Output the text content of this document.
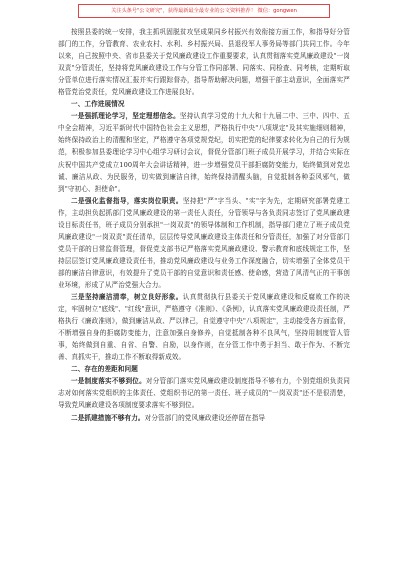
关注头条号"公文研究"，获得最新最全最专业的公文资料推荐！ 微信：gongwen

按照县委的统一安排，我主抓巩固脱贫攻坚成果同乡村振兴有效衔接方面工作，和指导好分管部门的工作，分管教育、农业农村、水利、乡村振兴局、县退役军人事务局等部门共同工作。今年以来，自己按照中央、省市县委关于党风廉政建设工作重要要求，认真贯彻落实党风廉政建设"一岗双责"分管责任，坚持将党风廉政建设工作与分管工作同部署、同落实、同检查、同考核，定期听取分管单位进行落实情况汇报并实行跟踪督办，指导帮助解决问题，增强干部主动意识，全面落实严格管党治党责任，党风廉政建设工作进展良好。

一、工作进展情况

一是强抓理论学习，坚定理想信念。坚持认真学习党的十九大和十九届二中、三中、四中、五中全会精神，习近平新时代中国特色社会主义思想，严格执行中央"八项规定"及其实施细则精神，始终保持政治上的清醒和坚定，严格遵守各项党规党纪，切实把党的纪律要求转化为自己的行为规范，积极参加县委理论学习中心组学习研讨会议，督促分管部门班子成员开展学习，并结合实际在庆祝中国共产党成立100周年大会讲话精神，进一步增强党员干部拒腐防变能力，始终做到对党忠诚、廉洁从政、为民服务，切实做到廉洁自律，始终保持清醒头脑，自觉抵制各种歪风邪气，做到"守初心、担使命"。

二是强化监督指导，落实岗位职责。坚持把"严"字当头、"实"字为先，定期研究部署党建工作，主动担负起抓部门党风廉政建设的第一责任人责任，分管领导与各负责同志签订了党风廉政建设目标责任书，班子成员分别承担"一岗双责"的领导体制和工作机制，指导部门建立了班子成员党风廉政建设"一岗双责"责任清单，层层传导党风廉政建设主体责任和分管责任，加强了对分管部门党员干部的日常监督管理，督促党支部书记严格落实党风廉政建设、警示教育和底线规定工作，坚持层层签订党风廉政建设责任书，推动党风廉政建设与业务工作深度融合，切实增强了全体党员干部的廉洁自律意识，有效提升了党员干部的自觉意识和责任感、使命感，营造了风清气正的干事创业环境，形成了从严治党强大合力。

三是坚持廉洁清奉，树立良好形象。认真贯彻执行县委关于党风廉政建设和反腐败工作的决定，牢固树立"底线"、"红线"意识，严格遵守《准则》、《条例》，认真落实党风廉政建设责任制，严格执行《廉政准则》，做到廉洁从政、严以律己，自觉遵守中央"八项规定"，主动接受各方面监督，不断增强自身的拒腐防变能力，注意加强自身修养，自觉抵制各种不良风气，坚持用制度管人管事，始终做到自重、自省、自警、自励，以身作则，在分管工作中勇于担当、敢于作为、不断完善、真抓实干，推动工作不断取得新成效。

二、存在的差距和问题

一是制度落实不够到位。对分管部门落实党风廉政建设制度指导不够有力，个别党组织负责同志对如何落实党组织的主体责任、党组织书记的第一责任、班子成员的"一岗双责"还不是很清楚，导致党风廉政建设各项制度要求落实不够到位。

二是抓建措施不够有力。对分管部门的党风廉政建设还停留在指导
